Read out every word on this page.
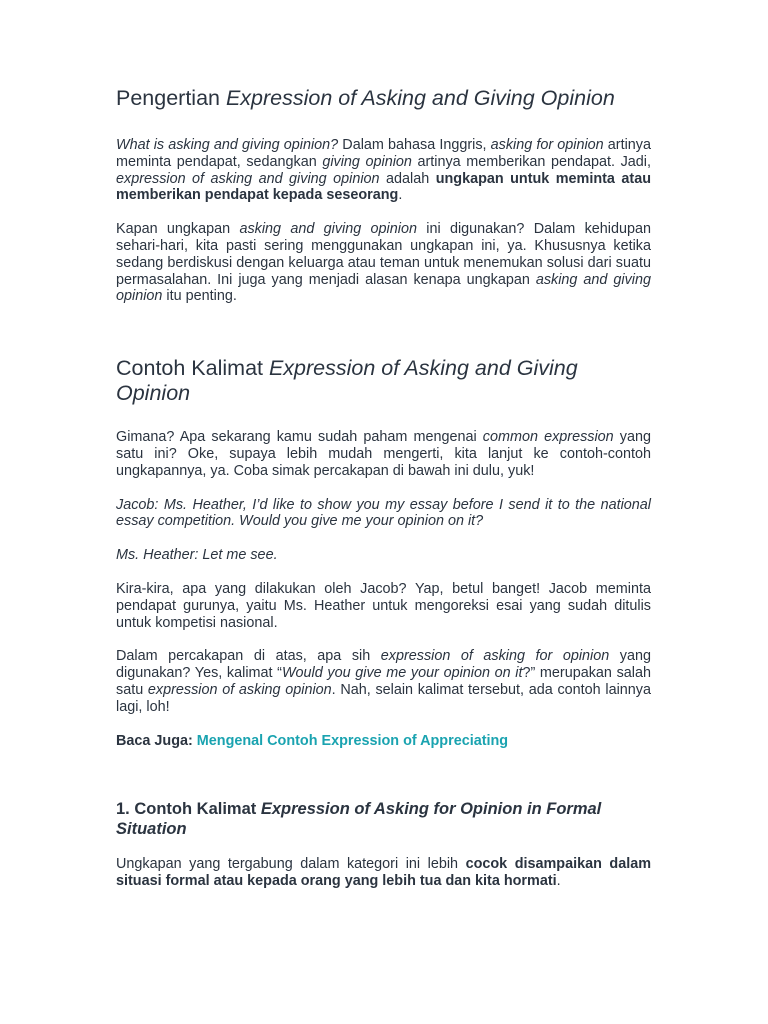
Pengertian Expression of Asking and Giving Opinion

What is asking and giving opinion? Dalam bahasa Inggris, asking for opinion artinya meminta pendapat, sedangkan giving opinion artinya memberikan pendapat. Jadi, expression of asking and giving opinion adalah ungkapan untuk meminta atau memberikan pendapat kepada seseorang.

Kapan ungkapan asking and giving opinion ini digunakan? Dalam kehidupan sehari-hari, kita pasti sering menggunakan ungkapan ini, ya. Khususnya ketika sedang berdiskusi dengan keluarga atau teman untuk menemukan solusi dari suatu permasalahan. Ini juga yang menjadi alasan kenapa ungkapan asking and giving opinion itu penting.

Contoh Kalimat Expression of Asking and Giving Opinion

Gimana? Apa sekarang kamu sudah paham mengenai common expression yang satu ini? Oke, supaya lebih mudah mengerti, kita lanjut ke contoh-contoh ungkapannya, ya. Coba simak percakapan di bawah ini dulu, yuk!

Jacob: Ms. Heather, I’d like to show you my essay before I send it to the national essay competition. Would you give me your opinion on it?

Ms. Heather: Let me see.

Kira-kira, apa yang dilakukan oleh Jacob? Yap, betul banget! Jacob meminta pendapat gurunya, yaitu Ms. Heather untuk mengoreksi esai yang sudah ditulis untuk kompetisi nasional.

Dalam percakapan di atas, apa sih expression of asking for opinion yang digunakan? Yes, kalimat “Would you give me your opinion on it?” merupakan salah satu expression of asking opinion. Nah, selain kalimat tersebut, ada contoh lainnya lagi, loh!

Baca Juga: Mengenal Contoh Expression of Appreciating

1. Contoh Kalimat Expression of Asking for Opinion in Formal Situation

Ungkapan yang tergabung dalam kategori ini lebih cocok disampaikan dalam situasi formal atau kepada orang yang lebih tua dan kita hormati.
